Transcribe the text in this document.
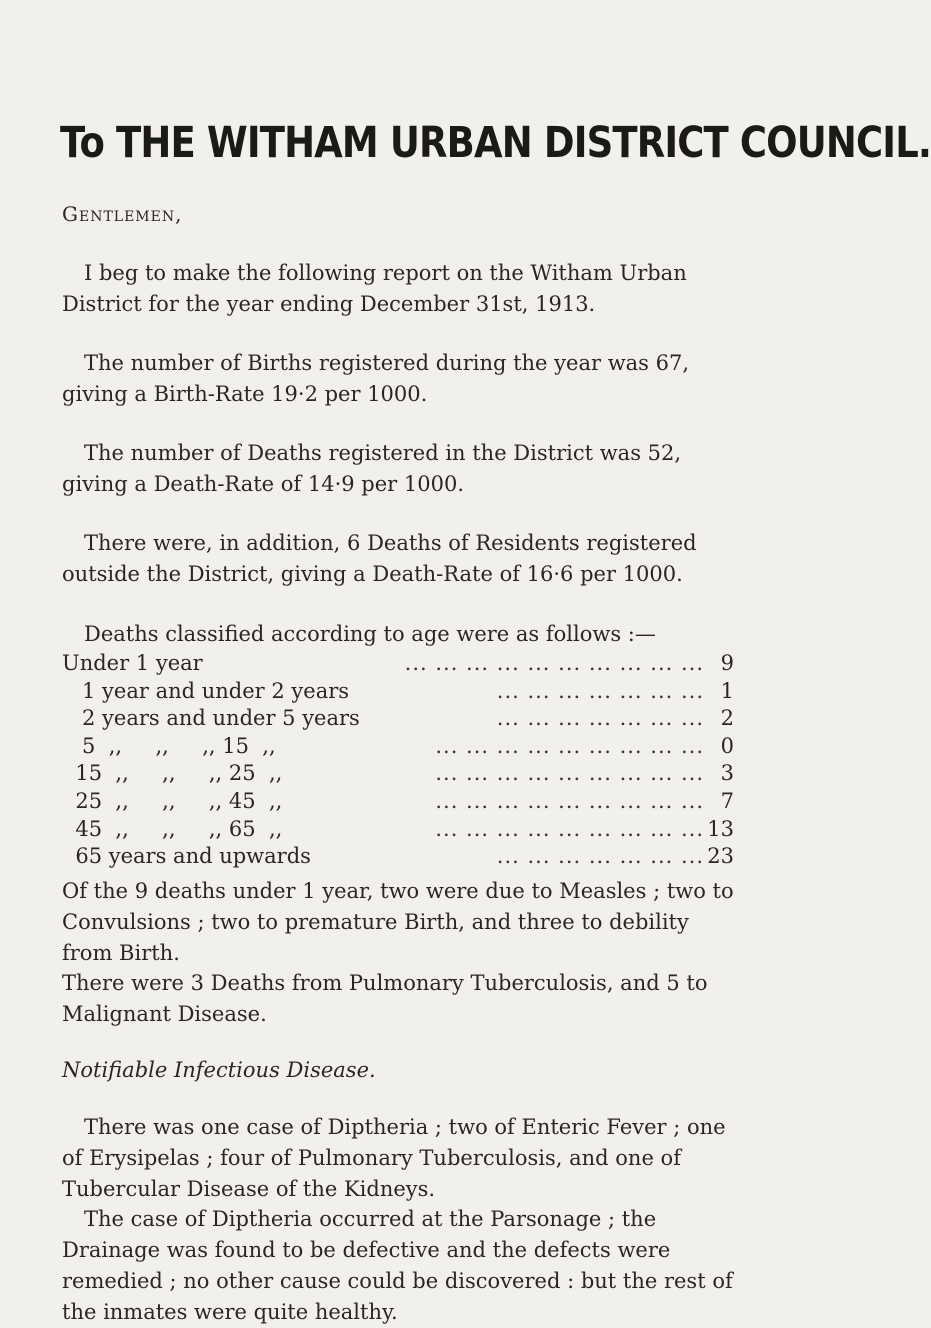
To THE WITHAM URBAN DISTRICT COUNCIL.
Gentlemen,

I beg to make the following report on the Witham Urban District for the year ending December 31st, 1913.

The number of Births registered during the year was 67, giving a Birth-Rate 19·2 per 1000.

The number of Deaths registered in the District was 52, giving a Death-Rate of 14·9 per 1000.

There were, in addition, 6 Deaths of Residents registered outside the District, giving a Death-Rate of 16·6 per 1000.

Deaths classified according to age were as follows :—
... ... ... ... ... ... ... ... ... ...
Under 1 year	9
... ... ... ... ... ... ...
1 year and under 2 years	1
... ... ... ... ... ... ...
2 years and under 5 years	2
... ... ... ... ... ... ... ... ...
5  ,,     ,,     ,, 15  ,,	0
... ... ... ... ... ... ... ... ...
15  ,,     ,,     ,, 25  ,,	3
... ... ... ... ... ... ... ... ...
25  ,,     ,,     ,, 45  ,,	7
... ... ... ... ... ... ... ... ...
45  ,,     ,,     ,, 65  ,,	13
... ... ... ... ... ... ...
65 years and upwards	23

Of the 9 deaths under 1 year, two were due to Measles ; two to Convulsions ; two to premature Birth, and three to debility from Birth.

There were 3 Deaths from Pulmonary Tuberculosis, and 5 to Malignant Disease.

Notifiable Infectious Disease.

There was one case of Diptheria ; two of Enteric Fever ; one of Erysipelas ; four of Pulmonary Tuberculosis, and one of Tubercular Disease of the Kidneys.

The case of Diptheria occurred at the Parsonage ; the Drainage was found to be defective and the defects were remedied ; no other cause could be discovered : but the rest of the inmates were quite healthy.
